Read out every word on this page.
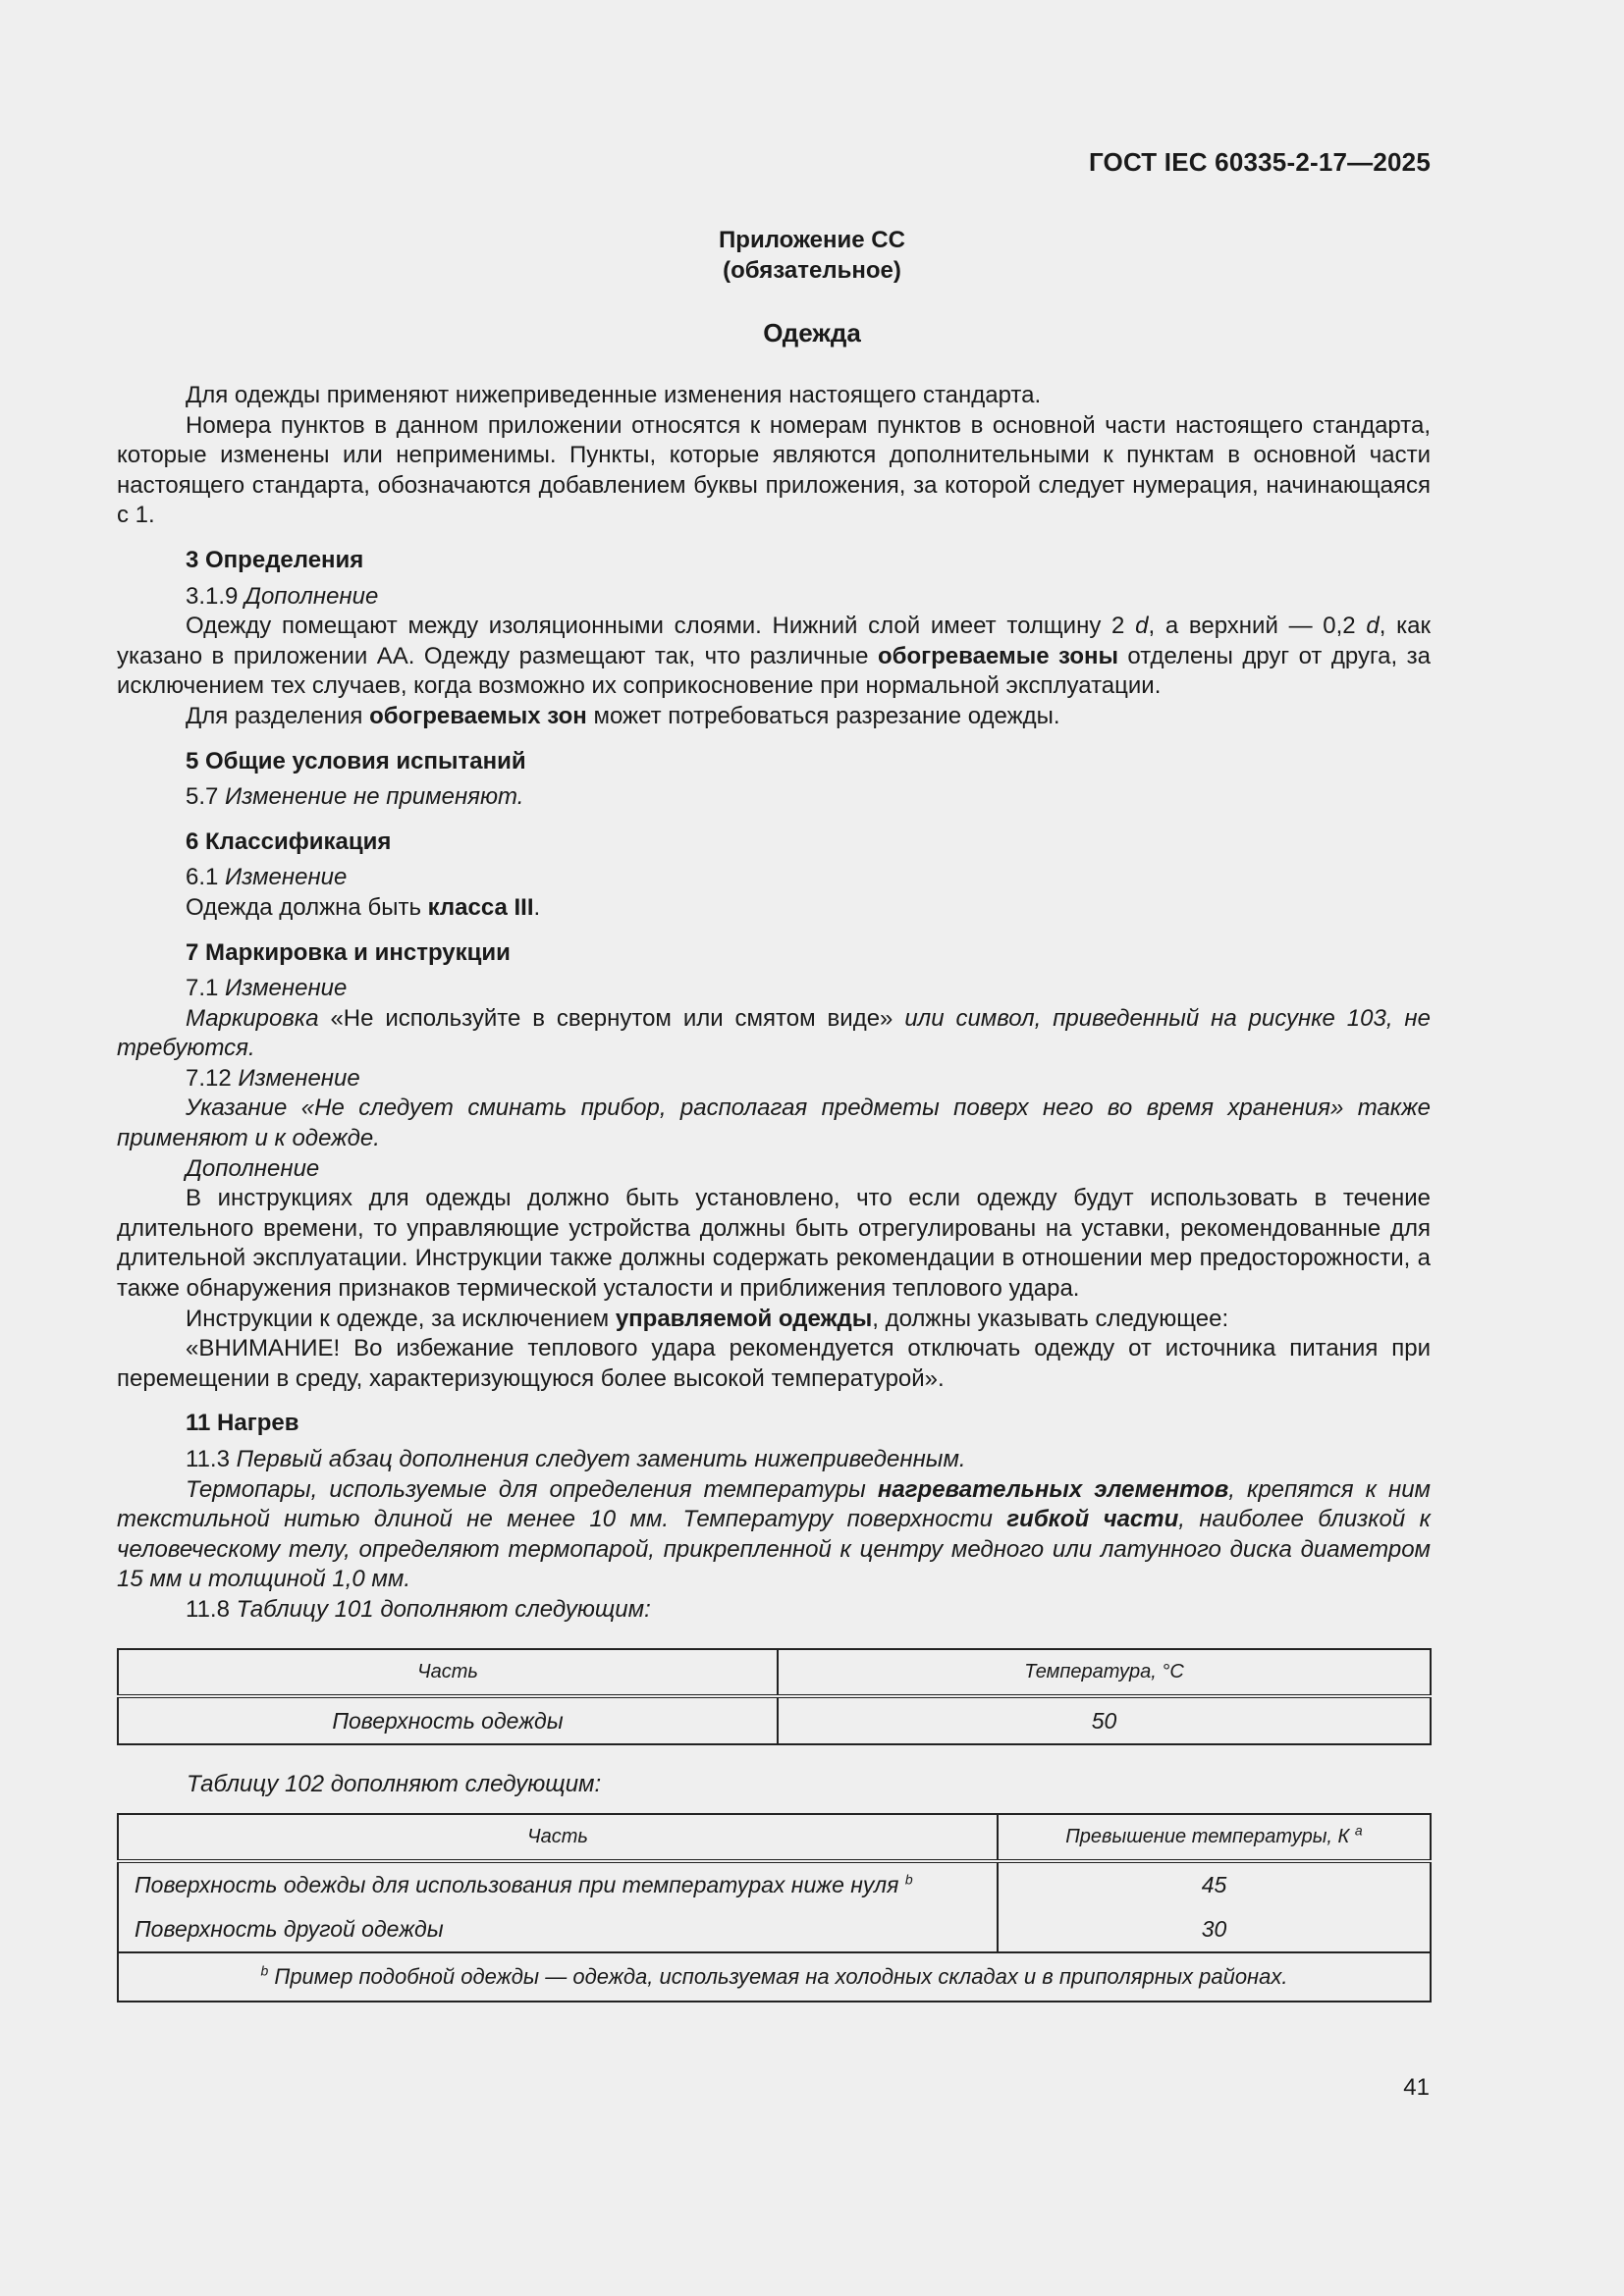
ГОСТ IEC 60335-2-17—2025
Приложение CC
(обязательное)
Одежда

Для одежды применяют нижеприведенные изменения настоящего стандарта.

Номера пунктов в данном приложении относятся к номерам пунктов в основной части настоящего стандарта, которые изменены или неприменимы. Пункты, которые являются дополнительными к пунктам в основной части настоящего стандарта, обозначаются добавлением буквы приложения, за которой следует нумерация, начинающаяся с 1.

3 Определения

3.1.9 Дополнение

Одежду помещают между изоляционными слоями. Нижний слой имеет толщину 2 d, а верхний — 0,2 d, как указано в приложении AA. Одежду размещают так, что различные обогреваемые зоны отделены друг от друга, за исключением тех случаев, когда возможно их соприкосновение при нормальной эксплуатации.

Для разделения обогреваемых зон может потребоваться разрезание одежды.

5 Общие условия испытаний

5.7 Изменение не применяют.

6 Классификация

6.1 Изменение

Одежда должна быть класса III.

7 Маркировка и инструкции

7.1 Изменение

Маркировка «Не используйте в свернутом или смятом виде» или символ, приведенный на рисунке 103, не требуются.

7.12 Изменение

Указание «Не следует сминать прибор, располагая предметы поверх него во время хранения» также применяют и к одежде.

Дополнение

В инструкциях для одежды должно быть установлено, что если одежду будут использовать в течение длительного времени, то управляющие устройства должны быть отрегулированы на уставки, рекомендованные для длительной эксплуатации. Инструкции также должны содержать рекомендации в отношении мер предосторожности, а также обнаружения признаков термической усталости и приближения теплового удара.

Инструкции к одежде, за исключением управляемой одежды, должны указывать следующее:

«ВНИМАНИЕ! Во избежание теплового удара рекомендуется отключать одежду от источника питания при перемещении в среду, характеризующуюся более высокой температурой».

11 Нагрев

11.3 Первый абзац дополнения следует заменить нижеприведенным.

Термопары, используемые для определения температуры нагревательных элементов, крепятся к ним текстильной нитью длиной не менее 10 мм. Температуру поверхности гибкой части, наиболее близкой к человеческому телу, определяют термопарой, прикрепленной к центру медного или латунного диска диаметром 15 мм и толщиной 1,0 мм.

11.8 Таблицу 101 дополняют следующим:

Часть	Температура, °C
Поверхность одежды	50
Таблицу 102 дополняют следующим:
Часть	Превышение температуры, К $^a$
Поверхность одежды для использования при температурах ниже нуля $^b$	45
Поверхность другой одежды	30
$^b$ Пример подобной одежды — одежда, используемая на холодных складах и в приполярных районах.	
41
